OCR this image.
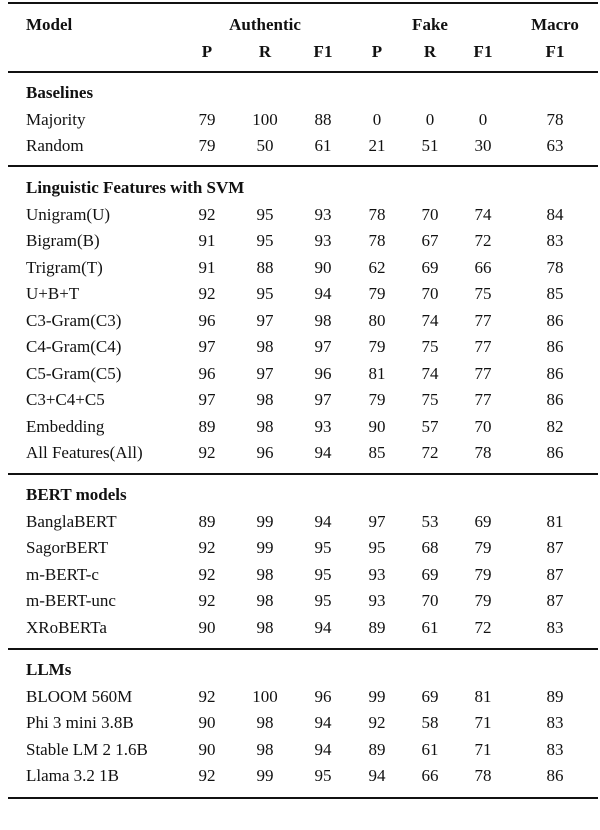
Model	Authentic	Fake	Macro
P	R F1 P R F1	F1
Baselines
Majority	79 100 88 0	0	0	78
Random	79 50 61 21 51 30	63
Linguistic Features with SVM
Unigram(U)	92 95 93 78 70 74	84
Bigram(B)	91 95 93 78 67 72	83
Trigram(T)	91 88 90 62 69 66	78
U+B+T	92 95 94 79 70 75	85
C3-Gram(C3)	96 97 98 80 74 77	86
C4-Gram(C4)	97 98 97 79 75 77	86
C5-Gram(C5)	96 97 96 81 74 77	86
C3+C4+C5	97 98 97 79 75 77	86
Embedding	89 98 93 90 57 70	82
All Features(All)	92 96 94 85 72 78	86
BERT models
BanglaBERT	89 99 94 97 53 69	81
SagorBERT	92 99 95 95 68 79	87
m-BERT-c	92 98 95 93 69 79	87
m-BERT-unc	92 98 95 93 70 79	87
XRoBERTa	90 98 94 89 61 72	83
LLMs
BLOOM 560M	92 100 96 99 69 81	89
Phi 3 mini 3.8B	90 98 94 92 58 71	83
Stable LM 2 1.6B	90 98 94 89 61 71	83
Llama 3.2 1B	92 99 95 94 66 78	86
